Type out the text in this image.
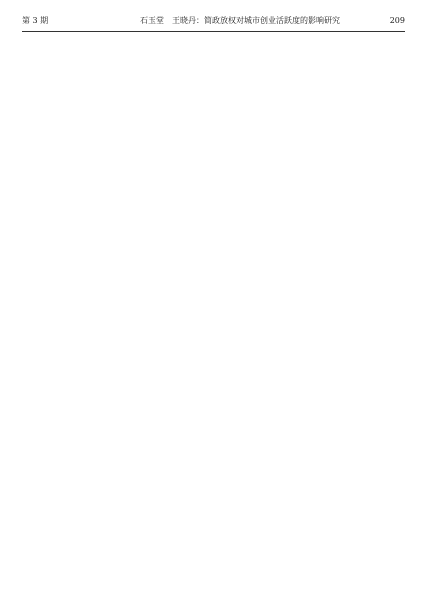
第 3 期	石玉堂　王晓丹：简政放权对城市创业活跃度的影响研究	209
